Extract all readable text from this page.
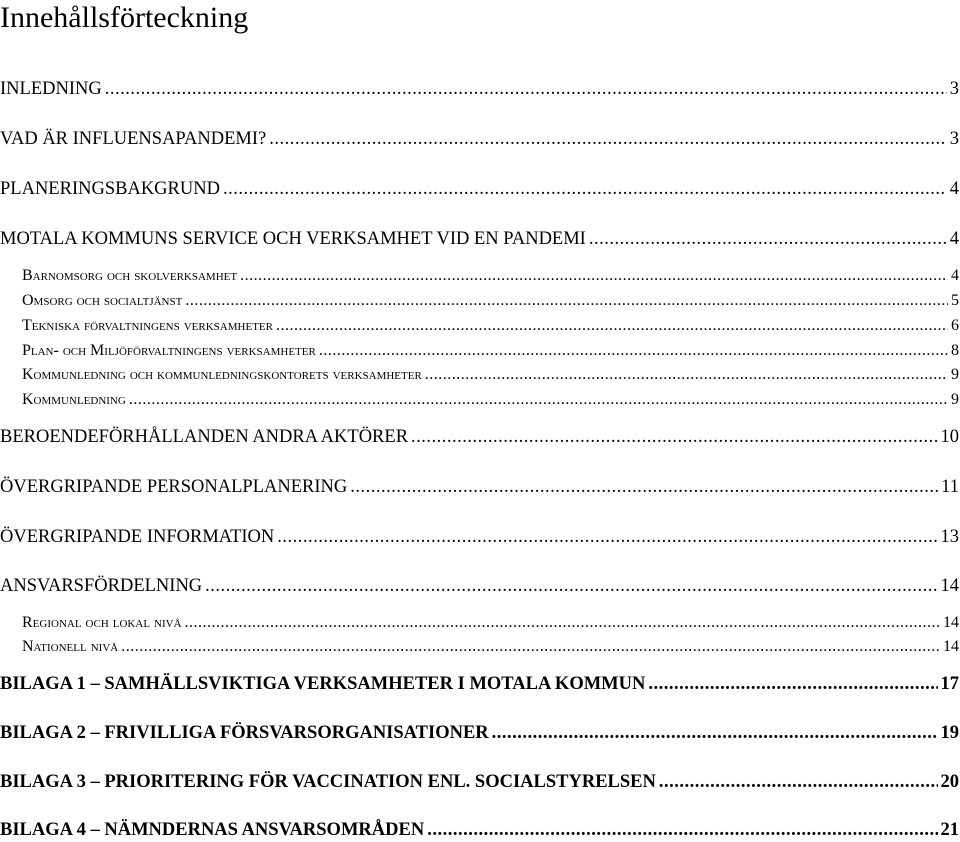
Innehållsförteckning
INLEDNING .....	3
VAD ÄR INFLUENSAPANDEMI? .....	3
PLANERINGSBAKGRUND .....	4
MOTALA KOMMUNS SERVICE OCH VERKSAMHET VID EN PANDEMI .....	4
Barnomsorg och skolverksamhet .....	4
Omsorg och socialtjänst .....	5
Tekniska förvaltningens verksamheter .....	6
Plan- och Miljöförvaltningens verksamheter .....	8
Kommunledning och kommunledningskontorets verksamheter .....	9
Kommunledning .....	9
BEROENDEFÖRHÅLLANDEN ANDRA AKTÖRER .....	10
ÖVERGRIPANDE PERSONALPLANERING .....	11
ÖVERGRIPANDE INFORMATION .....	13
ANSVARSFÖRDELNING .....	14
Regional och lokal nivå .....	14
Nationell nivå .....	14
BILAGA 1 – SAMHÄLLSVIKTIGA VERKSAMHETER I MOTALA KOMMUN .....	17
BILAGA 2 – FRIVILLIGA FÖRSVARSORGANISATIONER .....	19
BILAGA 3 – PRIORITERING FÖR VACCINATION ENL. SOCIALSTYRELSEN .....	20
BILAGA 4 – NÄMNDERNAS ANSVARSOMRÅDEN .....	21
